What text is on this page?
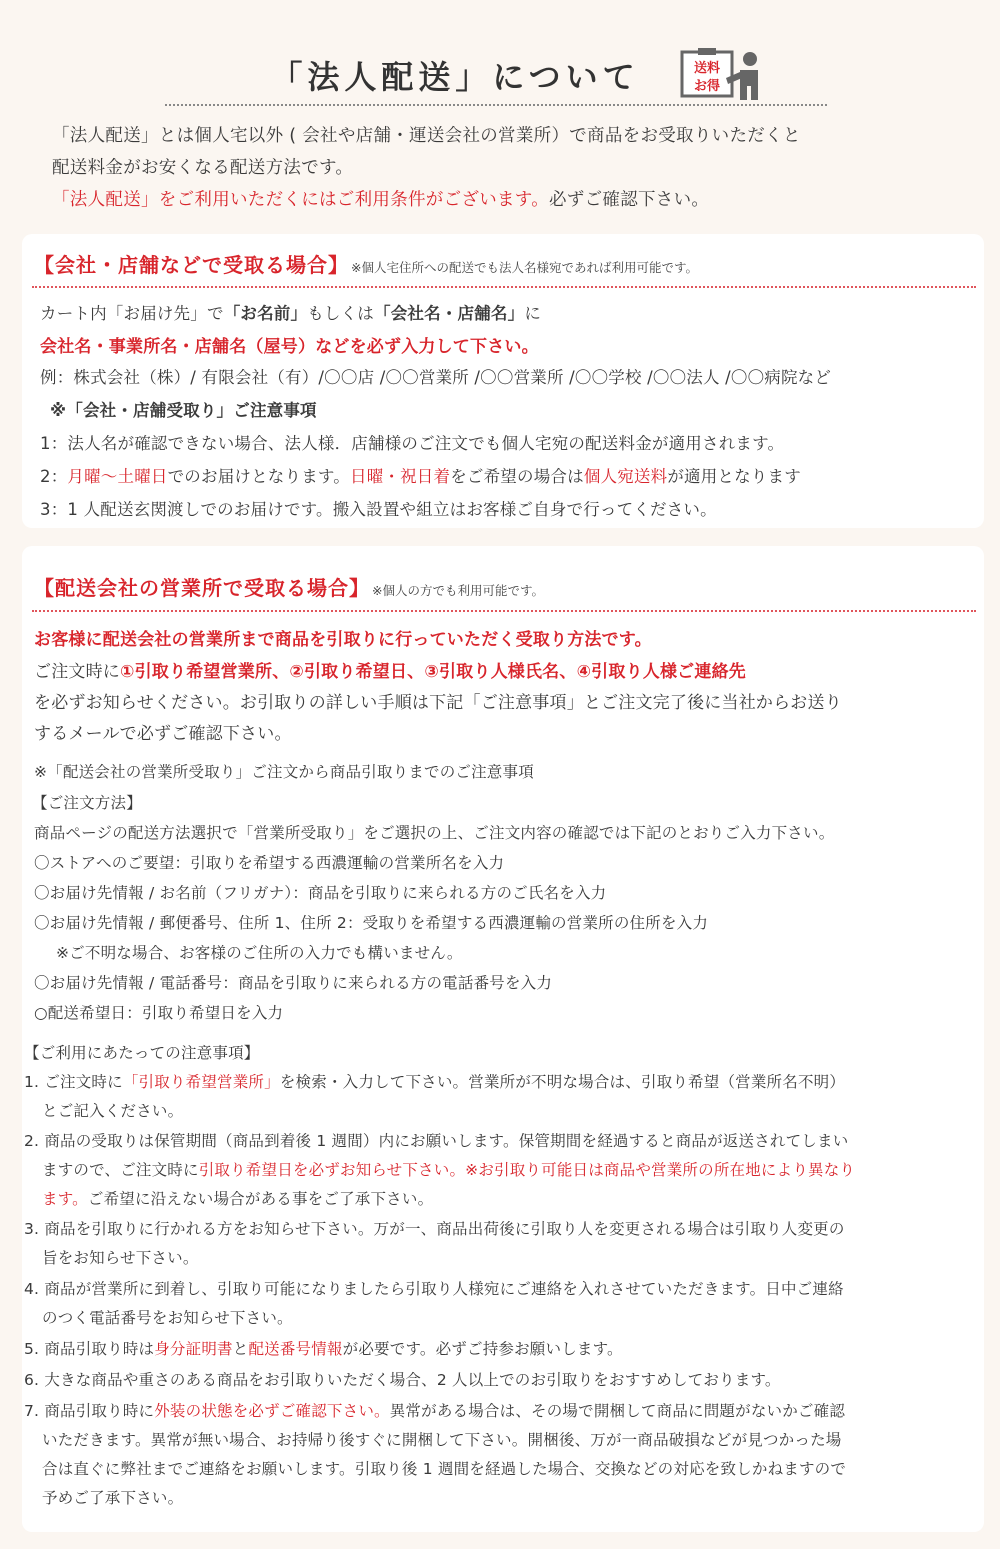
「法人配送」について	送料
お得
「法人配送」とは個人宅以外 ( 会社や店舗・運送会社の営業所）で商品をお受取りいただくと
配送料金がお安くなる配送方法です。
「法人配送」をご利用いただくにはご利用条件がございます。必ずご確認下さい。
【会社・店舗などで受取る場合】 ※個人宅住所への配送でも法人名様宛であれば利用可能です。
カート内「お届け先」で「お名前」もしくは「会社名・店舗名」に
会社名・事業所名・店舗名（屋号）などを必ず入力して下さい。
例：株式会社（株）/ 有限会社（有）/〇〇店 /〇〇営業所 /〇〇営業所 /〇〇学校 /〇〇法人 /〇〇病院など
※「会社・店舗受取り」ご注意事項
1：法人名が確認できない場合、法人様．店舗様のご注文でも個人宅宛の配送料金が適用されます。
2：月曜〜土曜日でのお届けとなります。日曜・祝日着をご希望の場合は個人宛送料が適用となります
3：1 人配送玄関渡しでのお届けです。搬入設置や組立はお客様ご自身で行ってください。
【配送会社の営業所で受取る場合】 ※個人の方でも利用可能です。
お客様に配送会社の営業所まで商品を引取りに行っていただく受取り方法です。
ご注文時に①引取り希望営業所、②引取り希望日、③引取り人様氏名、④引取り人様ご連絡先
を必ずお知らせください。お引取りの詳しい手順は下記「ご注意事項」とご注文完了後に当社からお送り
するメールで必ずご確認下さい。
※「配送会社の営業所受取り」ご注文から商品引取りまでのご注意事項
【ご注文方法】
商品ページの配送方法選択で「営業所受取り」をご選択の上、ご注文内容の確認では下記のとおりご入力下さい。
〇ストアへのご要望：引取りを希望する西濃運輸の営業所名を入力
〇お届け先情報 / お名前（フリガナ）：商品を引取りに来られる方のご氏名を入力
〇お届け先情報 / 郵便番号、住所 1、住所 2：受取りを希望する西濃運輸の営業所の住所を入力
※ご不明な場合、お客様のご住所の入力でも構いません。
〇お届け先情報 / 電話番号：商品を引取りに来られる方の電話番号を入力
○配送希望日：引取り希望日を入力
【ご利用にあたっての注意事項】
1. ご注文時に「引取り希望営業所」を検索・入力して下さい。営業所が不明な場合は、引取り希望（営業所名不明）
とご記入ください。
2. 商品の受取りは保管期間（商品到着後 1 週間）内にお願いします。保管期間を経過すると商品が返送されてしまい
ますので、ご注文時に引取り希望日を必ずお知らせ下さい。※お引取り可能日は商品や営業所の所在地により異なり
ます。ご希望に沿えない場合がある事をご了承下さい。
3. 商品を引取りに行かれる方をお知らせ下さい。万が一、商品出荷後に引取り人を変更される場合は引取り人変更の
旨をお知らせ下さい。
4. 商品が営業所に到着し、引取り可能になりましたら引取り人様宛にご連絡を入れさせていただきます。日中ご連絡
のつく電話番号をお知らせ下さい。
5. 商品引取り時は身分証明書と配送番号情報が必要です。必ずご持参お願いします。
6. 大きな商品や重さのある商品をお引取りいただく場合、2 人以上でのお引取りをおすすめしております。
7. 商品引取り時に外装の状態を必ずご確認下さい。異常がある場合は、その場で開梱して商品に問題がないかご確認
いただきます。異常が無い場合、お持帰り後すぐに開梱して下さい。開梱後、万が一商品破損などが見つかった場
合は直ぐに弊社までご連絡をお願いします。引取り後 1 週間を経過した場合、交換などの対応を致しかねますので
予めご了承下さい。
